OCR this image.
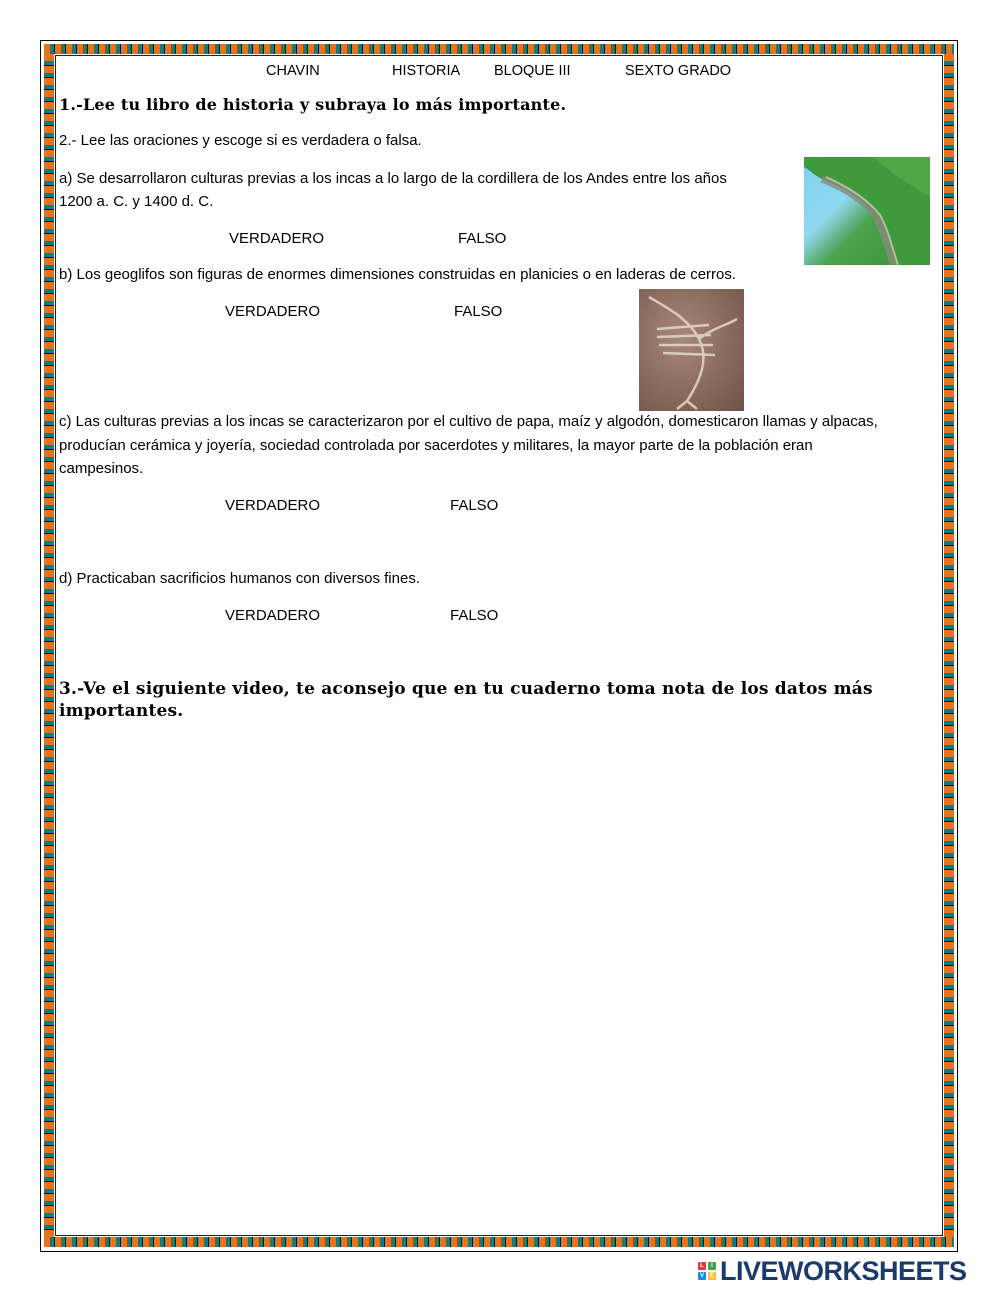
CHAVIN	HISTORIA BLOQUE III	SEXTO GRADO
1.-Lee tu libro de historia y subraya lo más importante.
2.- Lee las oraciones y escoge si es verdadera o falsa.
a) Se desarrollaron culturas previas a los incas a lo largo de la cordillera de los Andes entre los años
1200 a. C. y 1400 d. C.
VERDADERO	FALSO
b) Los geoglifos son figuras de enormes dimensiones construidas en planicies o en laderas de cerros.
VERDADERO	FALSO
c) Las culturas previas a los incas se caracterizaron por el cultivo de papa, maíz y algodón, domesticaron llamas y alpacas,
producían cerámica y joyería, sociedad controlada por sacerdotes y militares, la mayor parte de la población eran
campesinos.
VERDADERO	FALSO
d) Practicaban sacrificios humanos con diversos fines.
VERDADERO	FALSO
3.-Ve el siguiente video, te aconsejo que en tu cuaderno toma nota de los datos más
importantes.
L	I
V E LIVEWORKSHEETS
